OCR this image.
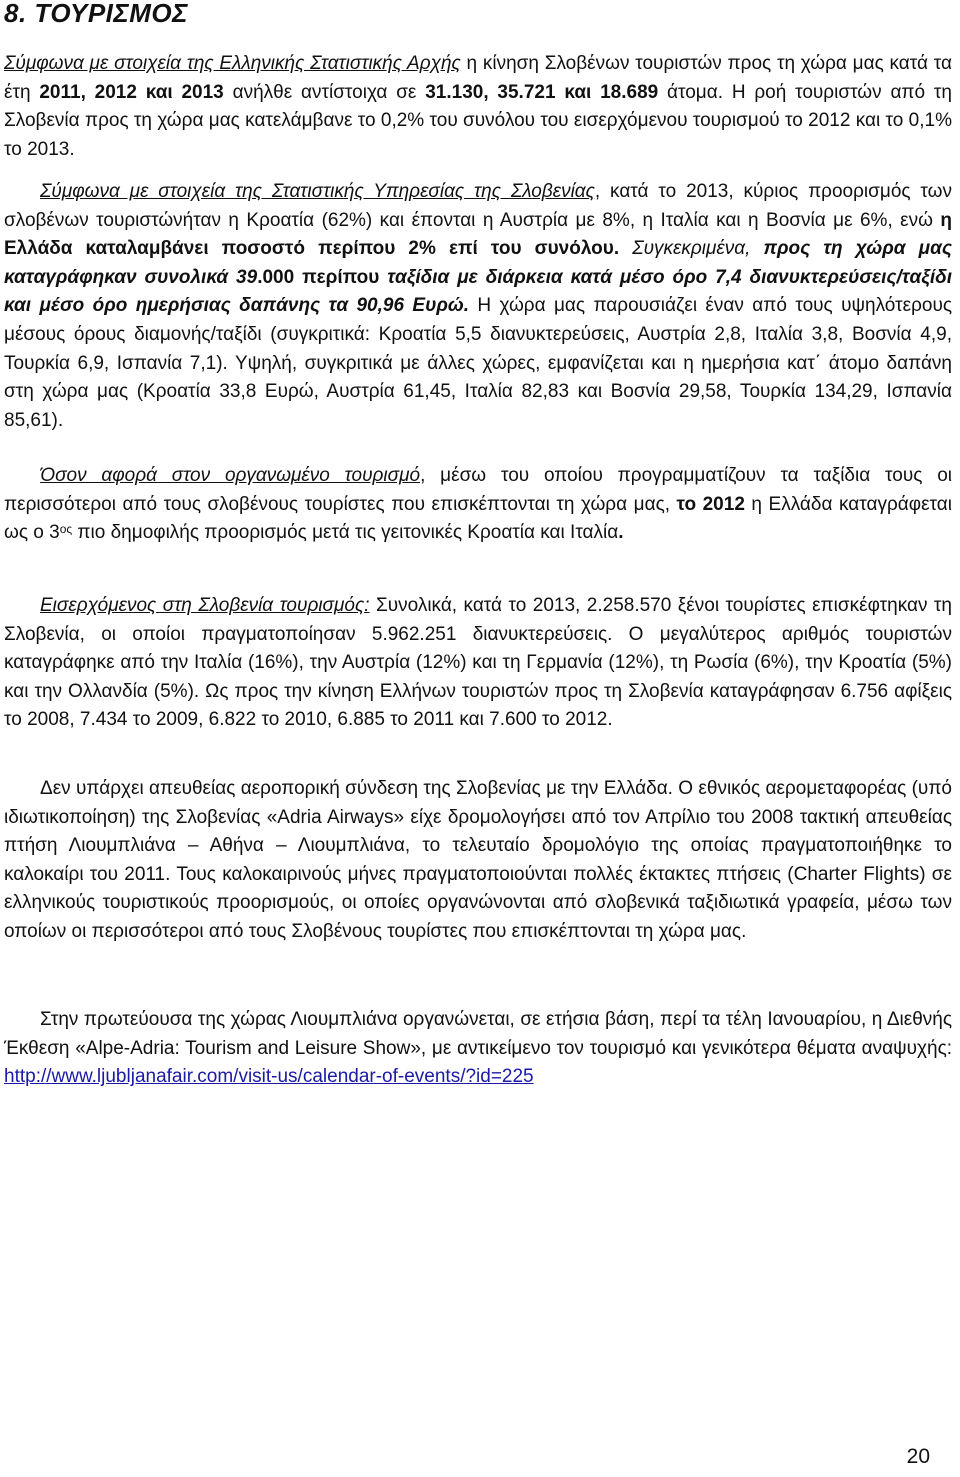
8. ΤΟΥΡΙΣΜΟΣ

Σύμφωνα με στοιχεία της Ελληνικής Στατιστικής Αρχής η κίνηση Σλοβένων τουριστών προς τη χώρα μας κατά τα έτη 2011, 2012 και 2013 ανήλθε αντίστοιχα σε 31.130, 35.721 και 18.689 άτομα. Η ροή τουριστών από τη Σλοβενία προς τη χώρα μας κατελάμβανε το 0,2% του συνόλου του εισερχόμενου τουρισμού το 2012 και το 0,1% το 2013.

Σύμφωνα με στοιχεία της Στατιστικής Υπηρεσίας της Σλοβενίας, κατά το 2013, κύριος προορισμός των σλοβένων τουριστώνήταν η Κροατία (62%) και έπονται η Αυστρία με 8%, η Ιταλία και η Βοσνία με 6%, ενώ η Ελλάδα καταλαμβάνει ποσοστό περίπου 2% επί του συνόλου. Συγκεκριμένα, προς τη χώρα μας καταγράφηκαν συνολικά 39.000 περίπου ταξίδια με διάρκεια κατά μέσο όρο 7,4 διανυκτερεύσεις/ταξίδι και μέσο όρο ημερήσιας δαπάνης τα 90,96 Ευρώ. Η χώρα μας παρουσιάζει έναν από τους υψηλότερους μέσους όρους διαμονής/ταξίδι (συγκριτικά: Κροατία 5,5 διανυκτερεύσεις, Αυστρία 2,8, Ιταλία 3,8, Βοσνία 4,9, Τουρκία 6,9, Ισπανία 7,1). Υψηλή, συγκριτικά με άλλες χώρες, εμφανίζεται και η ημερήσια κατ΄ άτομο δαπάνη στη χώρα μας (Κροατία 33,8 Ευρώ, Αυστρία 61,45, Ιταλία 82,83 και Βοσνία 29,58, Τουρκία 134,29, Ισπανία 85,61).

Όσον αφορά στον οργανωμένο τουρισμό, μέσω του οποίου προγραμματίζουν τα ταξίδια τους οι περισσότεροι από τους σλοβένους τουρίστες που επισκέπτονται τη χώρα μας, το 2012 η Ελλάδα καταγράφεται ως ο $3^{o\varsigma}$ πιο δημοφιλής προορισμός μετά τις γειτονικές Κροατία και Ιταλία.

Εισερχόμενος στη Σλοβενία τουρισμός: Συνολικά, κατά το 2013, 2.258.570 ξένοι τουρίστες επισκέφτηκαν τη Σλοβενία, οι οποίοι πραγματοποίησαν 5.962.251 διανυκτερεύσεις. Ο μεγαλύτερος αριθμός τουριστών καταγράφηκε από την Ιταλία (16%), την Αυστρία (12%) και τη Γερμανία (12%), τη Ρωσία (6%), την Κροατία (5%) και την Ολλανδία (5%). Ως προς την κίνηση Ελλήνων τουριστών προς τη Σλοβενία καταγράφησαν 6.756 αφίξεις το 2008, 7.434 το 2009, 6.822 το 2010, 6.885 το 2011 και 7.600 το 2012.

Δεν υπάρχει απευθείας αεροπορική σύνδεση της Σλοβενίας με την Ελλάδα. Ο εθνικός αερομεταφορέας (υπό ιδιωτικοποίηση) της Σλοβενίας «Adria Airways» είχε δρομολογήσει από τον Απρίλιο του 2008 τακτική απευθείας πτήση Λιουμπλιάνα – Αθήνα – Λιουμπλιάνα, το τελευταίο δρομολόγιο της οποίας πραγματοποιήθηκε το καλοκαίρι του 2011. Τους καλοκαιρινούς μήνες πραγματοποιούνται πολλές έκτακτες πτήσεις (Charter Flights) σε ελληνικούς τουριστικούς προορισμούς, οι οποίες οργανώνονται από σλοβενικά ταξιδιωτικά γραφεία, μέσω των οποίων οι περισσότεροι από τους Σλοβένους τουρίστες που επισκέπτονται τη χώρα μας.

Στην πρωτεύουσα της χώρας Λιουμπλιάνα οργανώνεται, σε ετήσια βάση, περί τα τέλη Ιανουαρίου, η Διεθνής Έκθεση «Alpe-Adria: Tourism and Leisure Show», με αντικείμενο τον τουρισμό και γενικότερα θέματα αναψυχής: http://www.ljubljanafair.com/visit-us/calendar-of-events/?id=225

20
